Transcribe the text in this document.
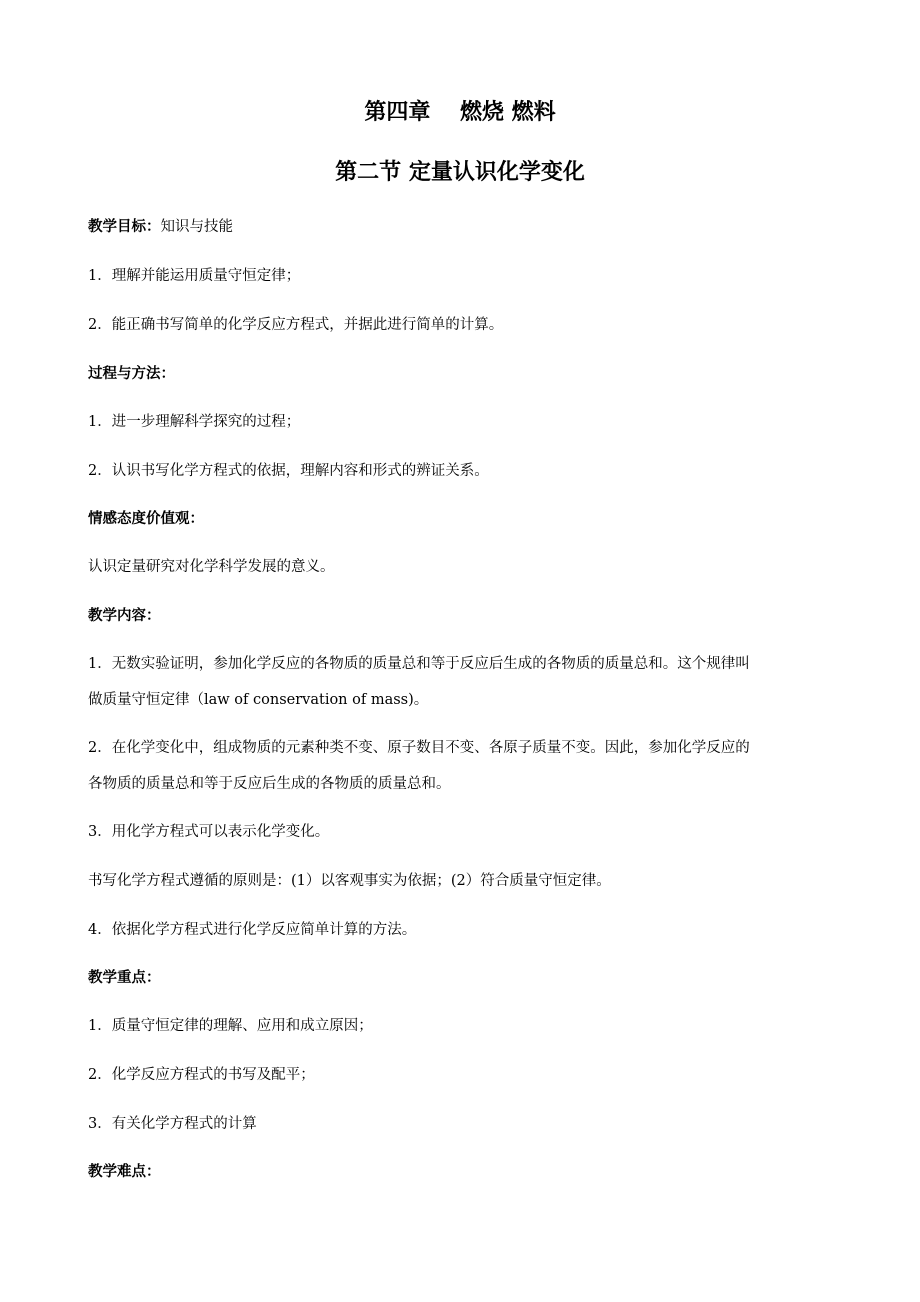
第四章　 燃烧 燃料
第二节 定量认识化学变化

教学目标：知识与技能

1．理解并能运用质量守恒定律；

2．能正确书写简单的化学反应方程式，并据此进行简单的计算。

过程与方法：

1．进一步理解科学探究的过程；

2．认识书写化学方程式的依据，理解内容和形式的辨证关系。

情感态度价值观：

认识定量研究对化学科学发展的意义。

教学内容：

1．无数实验证明，参加化学反应的各物质的质量总和等于反应后生成的各物质的质量总和。这个规律叫

做质量守恒定律（law of conservation of mass)。

2．在化学变化中，组成物质的元素种类不变、原子数目不变、各原子质量不变。因此，参加化学反应的

各物质的质量总和等于反应后生成的各物质的质量总和。

3．用化学方程式可以表示化学变化。

书写化学方程式遵循的原则是：(1）以客观事实为依据；(2）符合质量守恒定律。

4．依据化学方程式进行化学反应简单计算的方法。

教学重点：

1．质量守恒定律的理解、应用和成立原因；

2．化学反应方程式的书写及配平；

3．有关化学方程式的计算

教学难点：
